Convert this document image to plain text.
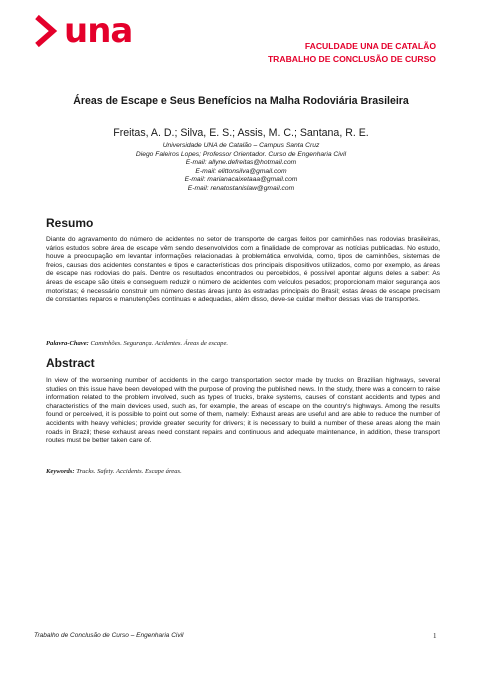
una	FACULDADE UNA DE CATALÃO
TRABALHO DE CONCLUSÃO DE CURSO
Áreas de Escape e Seus Benefícios na Malha Rodoviária Brasileira
Freitas, A. D.; Silva, E. S.; Assis, M. C.; Santana, R. E.
Universidade UNA de Catalão – Campus Santa Cruz
Diego Faleiros Lopes; Professor Orientador. Curso de Engenharia Civil
E-mail: allyne.defreitas@hotmail.com
E-mail: elittonsilva@gmail.com
E-mail: marianacaixetaaa@gmail.com
E-mail: renatostanislaw@gmail.com
Resumo
Diante do agravamento do número de acidentes no setor de transporte de cargas feitos por caminhões nas rodovias brasileiras, vários estudos sobre área de escape vêm sendo desenvolvidos com a finalidade de comprovar as notícias publicadas. No estudo, houve a preocupação em levantar informações relacionadas à problemática envolvida, como, tipos de caminhões, sistemas de freios, causas dos acidentes constantes e tipos e características dos principais dispositivos utilizados, como por exemplo, as áreas de escape nas rodovias do país. Dentre os resultados encontrados ou percebidos, é possível apontar alguns deles a saber: As áreas de escape são úteis e conseguem reduzir o número de acidentes com veículos pesados; proporcionam maior segurança aos motoristas; é necessário construir um número destas áreas junto às estradas principais do Brasil; estas áreas de escape precisam de constantes reparos e manutenções contínuas e adequadas, além disso, deve-se cuidar melhor dessas vias de transportes.
Palavra-Chave: Caminhões. Segurança. Acidentes. Áreas de escape.
Abstract
In view of the worsening number of accidents in the cargo transportation sector made by trucks on Brazilian highways, several studies on this issue have been developed with the purpose of proving the published news. In the study, there was a concern to raise information related to the problem involved, such as types of trucks, brake systems, causes of constant accidents and types and characteristics of the main devices used, such as, for example, the areas of escape on the country's highways. Among the results found or perceived, it is possible to point out some of them, namely: Exhaust areas are useful and are able to reduce the number of accidents with heavy vehicles; provide greater security for drivers; it is necessary to build a number of these areas along the main roads in Brazil; these exhaust areas need constant repairs and continuous and adequate maintenance, in addition, these transport routes must be better taken care of.
Keywords: Trucks. Safety. Accidents. Escape áreas.
Trabalho de Conclusão de Curso – Engenharia Civil	1
